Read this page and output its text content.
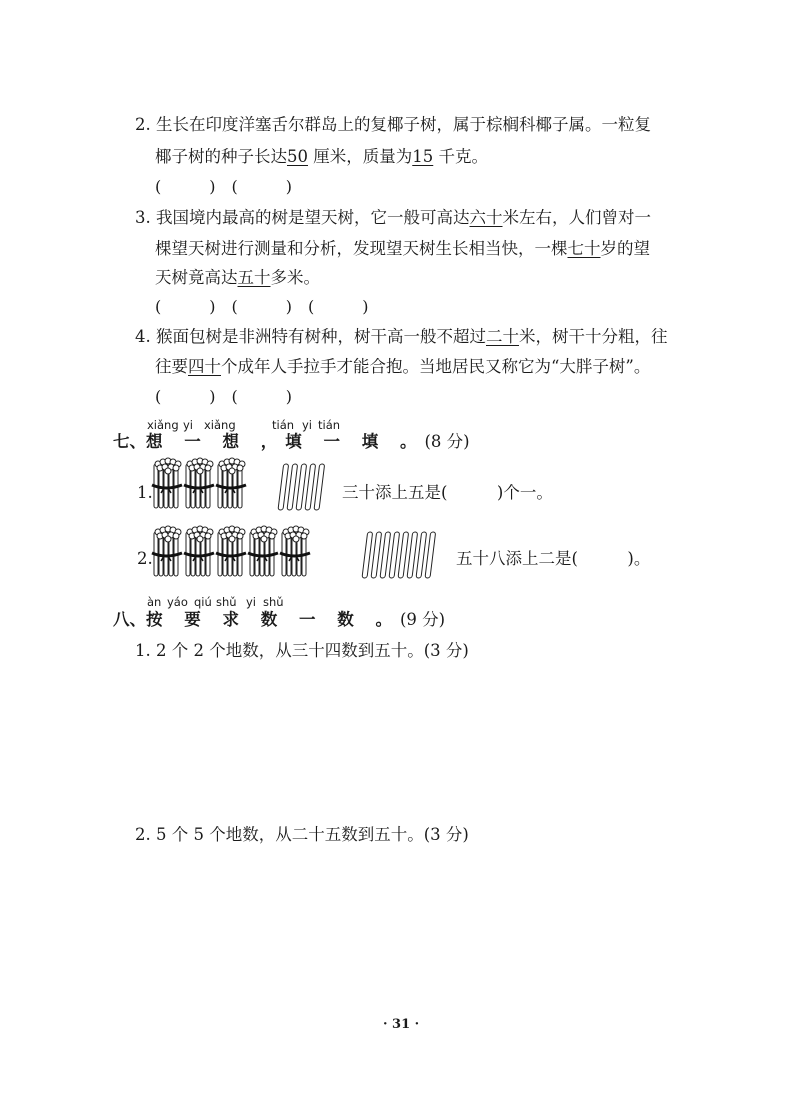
2. 生长在印度洋塞舌尔群岛上的复椰子树，属于棕榈科椰子属。一粒复
椰子树的种子长达50 厘米，质量为15 千克。
(　　　)　(　　　)
3. 我国境内最高的树是望天树，它一般可高达六十米左右，人们曾对一
棵望天树进行测量和分析，发现望天树生长相当快，一棵七十岁的望
天树竟高达五十多米。
(　　　)　(　　　)　(　　　)
4. 猴面包树是非洲特有树种，树干高一般不超过二十米，树干十分粗，往
往要四十个成年人手拉手才能合抱。当地居民又称它为“大胖子树”。
(　　　)　(　　　)
xiǎng yi xiǎng	tián yi tián
七、想 一 想 ，填 一 填 。(8 分)
1.	三十添上五是(　　　)个一。
2.	五十八添上二是(　　　)。
àn yáo qiú shǔ yi shǔ
八、按 要 求 数 一 数 。(9 分)
1. 2 个 2 个地数，从三十四数到五十。(3 分)
2. 5 个 5 个地数，从二十五数到五十。(3 分)
· 31 ·
